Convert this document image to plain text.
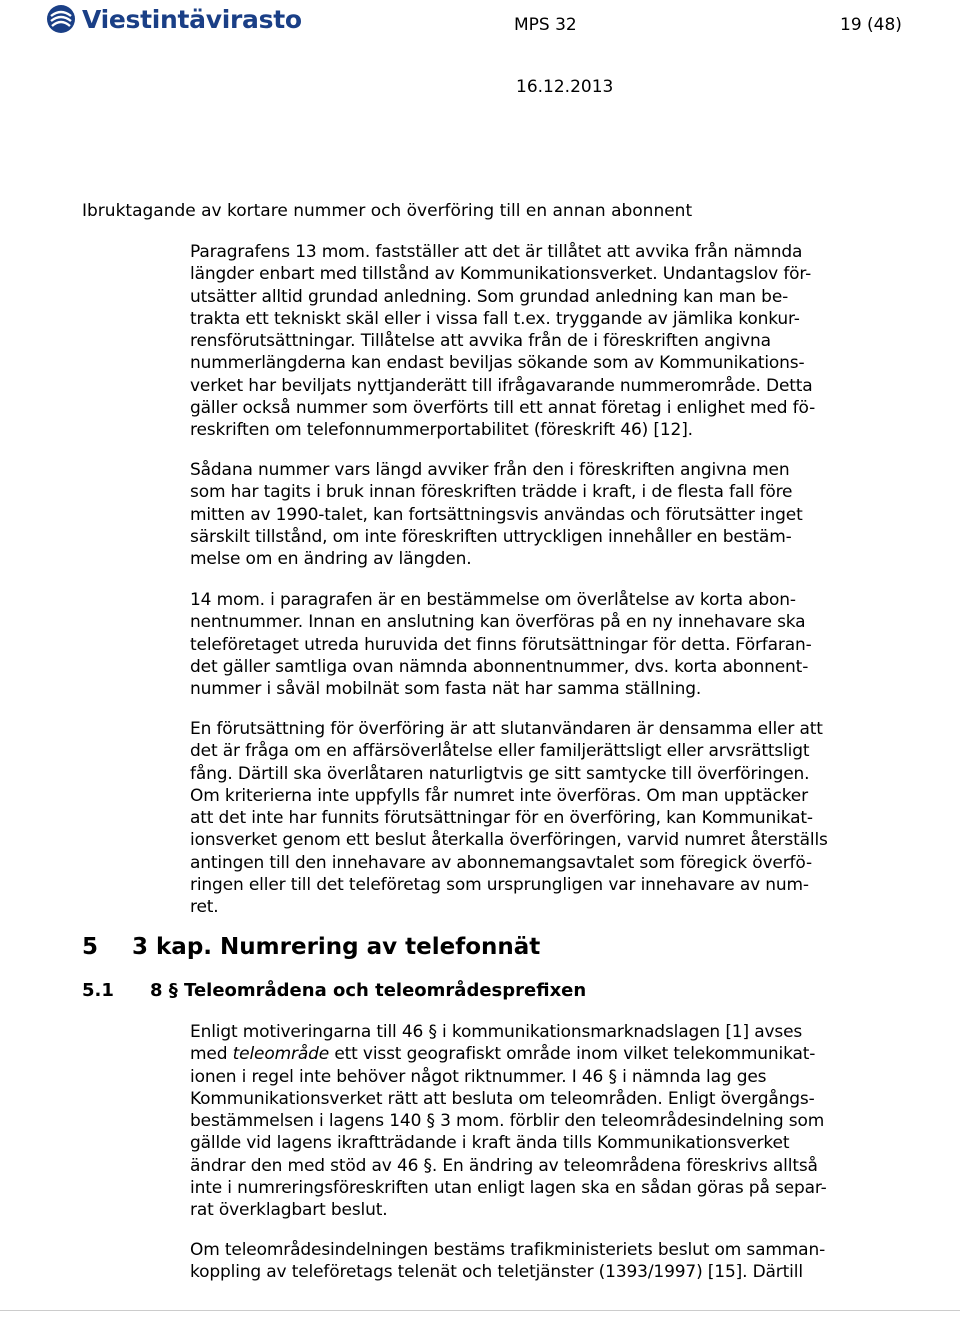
Viestintävirasto	MPS 32	19 (48)
16.12.2013

Ibruktagande av kortare nummer och överföring till en annan abonnent

Paragrafens 13 mom. fastställer att det är tillåtet att avvika från nämnda
längder enbart med tillstånd av Kommunikationsverket. Undantagslov för-
utsätter alltid grundad anledning. Som grundad anledning kan man be-
trakta ett tekniskt skäl eller i vissa fall t.ex. tryggande av jämlika konkur-
rensförutsättningar. Tillåtelse att avvika från de i föreskriften angivna
nummerlängderna kan endast beviljas sökande som av Kommunikations-
verket har beviljats nyttjanderätt till ifrågavarande nummerområde. Detta
gäller också nummer som överförts till ett annat företag i enlighet med fö-
reskriften om telefonnummerportabilitet (föreskrift 46) [12].

Sådana nummer vars längd avviker från den i föreskriften angivna men
som har tagits i bruk innan föreskriften trädde i kraft, i de flesta fall före
mitten av 1990-talet, kan fortsättningsvis användas och förutsätter inget
särskilt tillstånd, om inte föreskriften uttryckligen innehåller en bestäm-
melse om en ändring av längden.

14 mom. i paragrafen är en bestämmelse om överlåtelse av korta abon-
nentnummer. Innan en anslutning kan överföras på en ny innehavare ska
teleföretaget utreda huruvida det finns förutsättningar för detta. Förfaran-
det gäller samtliga ovan nämnda abonnentnummer, dvs. korta abonnent-
nummer i såväl mobilnät som fasta nät har samma ställning.

En förutsättning för överföring är att slutanvändaren är densamma eller att
det är fråga om en affärsöverlåtelse eller familjerättsligt eller arvsrättsligt
fång. Därtill ska överlåtaren naturligtvis ge sitt samtycke till överföringen.
Om kriterierna inte uppfylls får numret inte överföras. Om man upptäcker
att det inte har funnits förutsättningar för en överföring, kan Kommunikat-
ionsverket genom ett beslut återkalla överföringen, varvid numret återställs
antingen till den innehavare av abonnemangsavtalet som föregick överfö-
ringen eller till det teleföretag som ursprungligen var innehavare av num-
ret.

5 3 kap. Numrering av telefonnät
5.1 8 § Teleområdena och teleområdesprefixen

Enligt motiveringarna till 46 § i kommunikationsmarknadslagen [1] avses
med teleområde ett visst geografiskt område inom vilket telekommunikat-
ionen i regel inte behöver något riktnummer. I 46 § i nämnda lag ges
Kommunikationsverket rätt att besluta om teleområden. Enligt övergångs-
bestämmelsen i lagens 140 § 3 mom. förblir den teleområdesindelning som
gällde vid lagens ikraftträdande i kraft ända tills Kommunikationsverket
ändrar den med stöd av 46 §. En ändring av teleområdena föreskrivs alltså
inte i numreringsföreskriften utan enligt lagen ska en sådan göras på separ-
rat överklagbart beslut.

Om teleområdesindelningen bestäms trafikministeriets beslut om samman-
koppling av teleföretags telenät och teletjänster (1393/1997) [15]. Därtill
